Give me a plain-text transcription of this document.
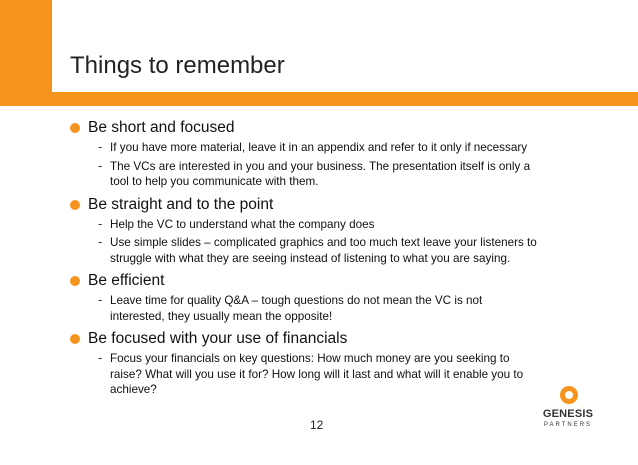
Things to remember
Be short and focused
- If you have more material, leave it in an appendix and refer to it only if necessary
- The VCs are interested in you and your business. The presentation itself is only a tool to help you communicate with them.
Be straight and to the point
- Help the VC to understand what the company does
- Use simple slides – complicated graphics and too much text leave your listeners to struggle with what they are seeing instead of listening to what you are saying.
Be efficient
- Leave time for quality Q&A – tough questions do not mean the VC is not interested, they usually mean the opposite!
Be focused with your use of financials
- Focus your financials on key questions: How much money are you seeking to raise? What will you use it for? How long will it last and what will it enable you to achieve?
12
GENESIS
PARTNERS
